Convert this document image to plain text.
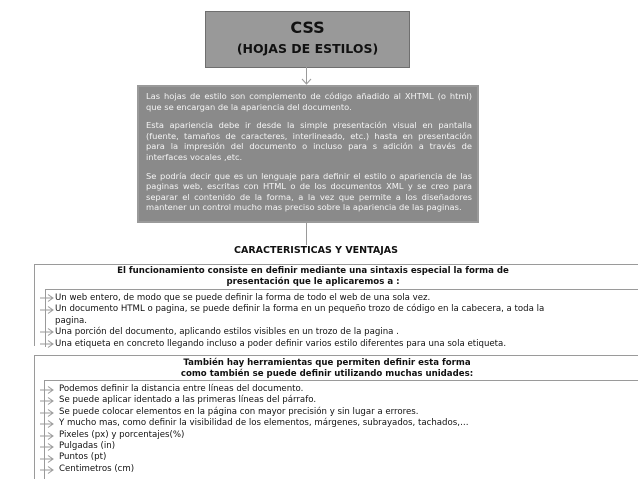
CSS
(HOJAS DE ESTILOS)

Las hojas de estilo son complemento de código añadido al XHTML (o html) que se encargan de la apariencia del documento.

Esta apariencia debe ir desde la simple presentación visual en pantalla (fuente, tamaños de caracteres, interlineado, etc.) hasta en presentación para la impresión del documento o incluso para s adición a través de interfaces vocales ,etc.

Se podría decir que es un lenguaje para definir el estilo o apariencia de las paginas web, escritas con HTML o de los documentos XML y se creo para separar el contenido de la forma, a la vez que permite a los diseñadores mantener un control mucho mas preciso sobre la apariencia de las paginas.

CARACTERISTICAS Y VENTAJAS
El funcionamiento consiste en definir mediante una sintaxis especial la forma de
presentación que le aplicaremos a :
Un web entero, de modo que se puede definir la forma de todo el web de una sola vez.
Un documento HTML o pagina, se puede definir la forma en un pequeño trozo de código en la cabecera, a toda la
pagina.
Una porción del documento, aplicando estilos visibles en un trozo de la pagina .
Una etiqueta en concreto llegando incluso a poder definir varios estilo diferentes para una sola etiqueta.
También hay herramientas que permiten definir esta forma
como también se puede definir utilizando muchas unidades:
Podemos definir la distancia entre líneas del documento.
Se puede aplicar identado a las primeras líneas del párrafo.
Se puede colocar elementos en la página con mayor precisión y sin lugar a errores.
Y mucho mas, como definir la visibilidad de los elementos, márgenes, subrayados, tachados,…
Pixeles (px) y porcentajes(%)
Pulgadas (in)
Puntos (pt)
Centimetros (cm)
